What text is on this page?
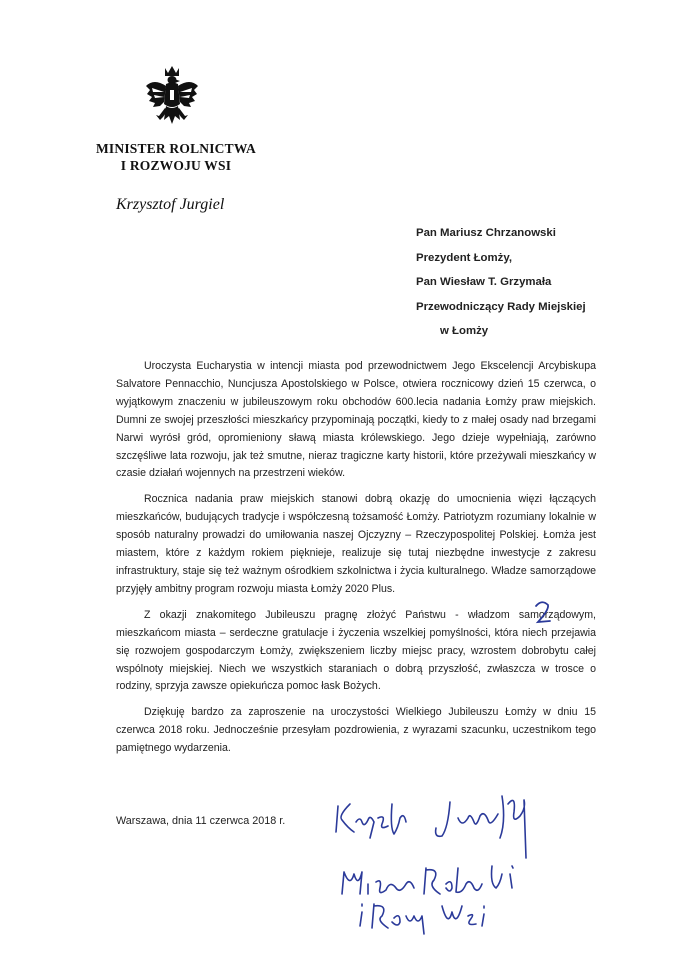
MINISTER ROLNICTWA
I ROZWOJU WSI
Krzysztof Jurgiel
Pan Mariusz Chrzanowski
Prezydent Łomży,
Pan Wiesław T. Grzymała
Przewodniczący Rady Miejskiej
w Łomży

Uroczysta Eucharystia w intencji miasta pod przewodnictwem Jego Ekscelencji Arcybiskupa Salvatore Pennacchio, Nuncjusza Apostolskiego w Polsce, otwiera rocznicowy dzień 15 czerwca, o wyjątkowym znaczeniu w jubileuszowym roku obchodów 600.lecia nadania Łomży praw miejskich. Dumni ze swojej przeszłości mieszkańcy przypominają początki, kiedy to z małej osady nad brzegami Narwi wyrósł gród, opromieniony sławą miasta królewskiego. Jego dzieje wypełniają, zarówno szczęśliwe lata rozwoju, jak też smutne, nieraz tragiczne karty historii, które przeżywali mieszkańcy w czasie działań wojennych na przestrzeni wieków.

Rocznica nadania praw miejskich stanowi dobrą okazję do umocnienia więzi łączących mieszkańców, budujących tradycje i współczesną tożsamość Łomży. Patriotyzm rozumiany lokalnie w sposób naturalny prowadzi do umiłowania naszej Ojczyzny – Rzeczypospolitej Polskiej. Łomża jest miastem, które z każdym rokiem pięknieje, realizuje się tutaj niezbędne inwestycje z zakresu infrastruktury, staje się też ważnym ośrodkiem szkolnictwa i życia kulturalnego. Władze samorządowe przyjęły ambitny program rozwoju miasta Łomży 2020 Plus.

Z okazji znakomitego Jubileuszu pragnę złożyć Państwu - władzom samorządowym, mieszkańcom miasta – serdeczne gratulacje i życzenia wszelkiej pomyślności, która niech przejawia się rozwojem gospodarczym Łomży, zwiększeniem liczby miejsc pracy, wzrostem dobrobytu całej wspólnoty miejskiej. Niech we wszystkich staraniach o dobrą przyszłość, zwłaszcza w trosce o rodziny, sprzyja zawsze opiekuńcza pomoc łask Bożych.

Dziękuję bardzo za zaproszenie na uroczystości Wielkiego Jubileuszu Łomży w dniu 15 czerwca 2018 roku. Jednocześnie przesyłam pozdrowienia, z wyrazami szacunku, uczestnikom tego pamiętnego wydarzenia.

Warszawa, dnia 11 czerwca 2018 r.
